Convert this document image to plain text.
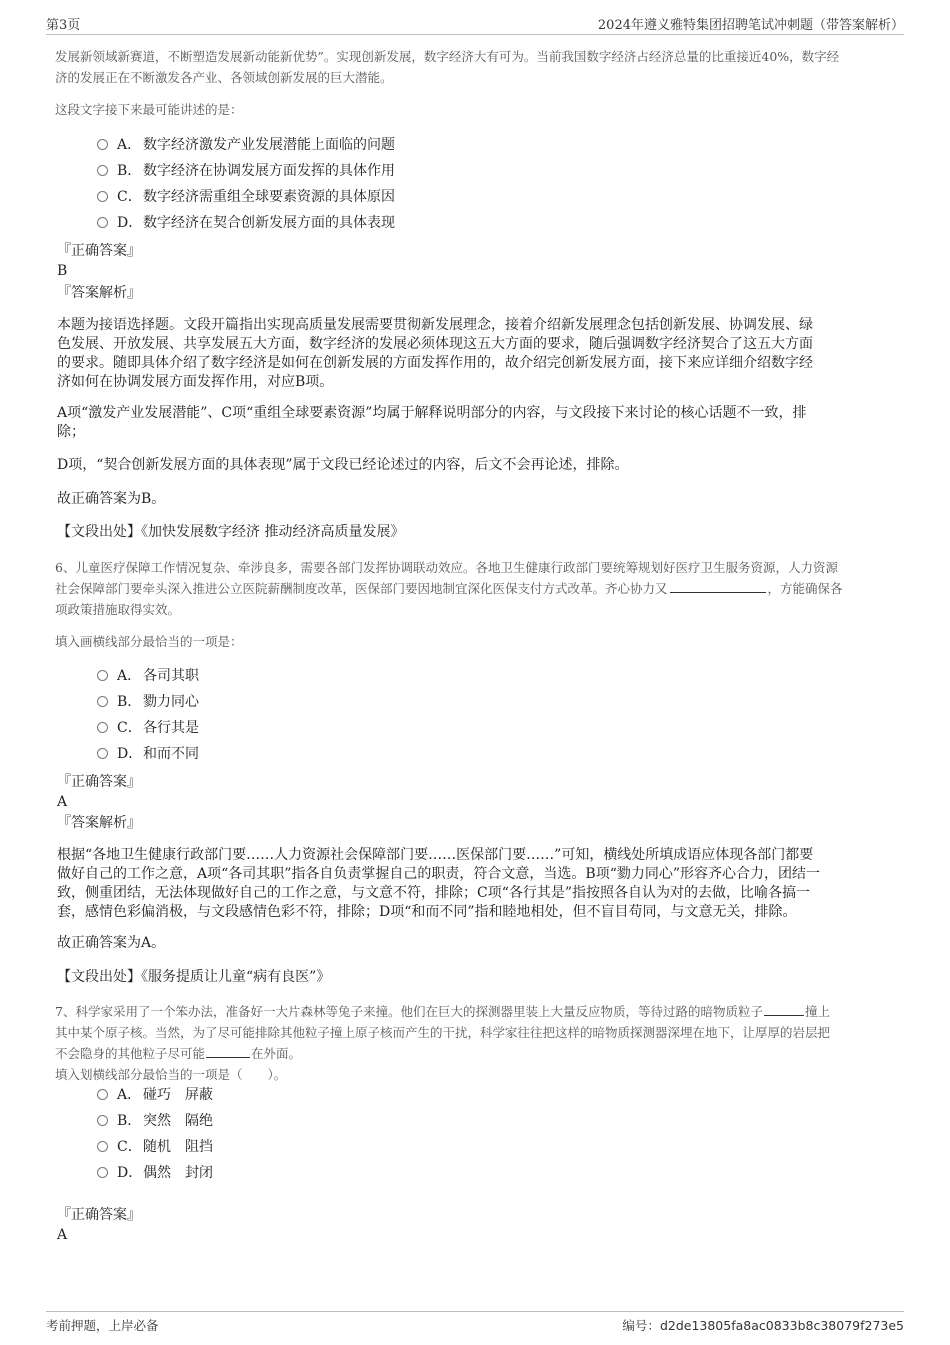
第3页	2024年遵义雅特集团招聘笔试冲刺题（带答案解析）
发展新领域新赛道，不断塑造发展新动能新优势”。实现创新发展，数字经济大有可为。当前我国数字经济占经济总量的比重接近40%，数字经
济的发展正在不断激发各产业、各领域创新发展的巨大潜能。
这段文字接下来最可能讲述的是：
A． 数字经济激发产业发展潜能上面临的问题
B． 数字经济在协调发展方面发挥的具体作用
C．数字经济需重组全球要素资源的具体原因
D．数字经济在契合创新发展方面的具体表现
『正确答案』
B
『答案解析』
本题为接语选择题。文段开篇指出实现高质量发展需要贯彻新发展理念，接着介绍新发展理念包括创新发展、协调发展、绿
色发展、开放发展、共享发展五大方面，数字经济的发展必须体现这五大方面的要求，随后强调数字经济契合了这五大方面
的要求。随即具体介绍了数字经济是如何在创新发展的方面发挥作用的，故介绍完创新发展方面，接下来应详细介绍数字经
济如何在协调发展方面发挥作用，对应B项。
A项“激发产业发展潜能”、C项“重组全球要素资源”均属于解释说明部分的内容，与文段接下来讨论的核心话题不一致，排
除；
D项，“契合创新发展方面的具体表现”属于文段已经论述过的内容，后文不会再论述，排除。
故正确答案为B。
【文段出处】《加快发展数字经济 推动经济高质量发展》
6、儿童医疗保障工作情况复杂、牵涉良多，需要各部门发挥协调联动效应。各地卫生健康行政部门要统筹规划好医疗卫生服务资源，人力资源
社会保障部门要牵头深入推进公立医院薪酬制度改革，医保部门要因地制宜深化医保支付方式改革。齐心协力又	，方能确保各
项政策措施取得实效。
填入画横线部分最恰当的一项是：
A． 各司其职
B． 勠力同心
C．各行其是
D．和而不同
『正确答案』
A
『答案解析』
根据“各地卫生健康行政部门要……人力资源社会保障部门要……医保部门要……”可知，横线处所填成语应体现各部门都要
做好自己的工作之意，A项“各司其职”指各自负责掌握自己的职责，符合文意，当选。B项“勠力同心”形容齐心合力，团结一
致，侧重团结，无法体现做好自己的工作之意，与文意不符，排除；C项“各行其是”指按照各自认为对的去做，比喻各搞一
套，感情色彩偏消极，与文段感情色彩不符，排除；D项“和而不同”指和睦地相处，但不盲目苟同，与文意无关，排除。
故正确答案为A。
【文段出处】《服务提质让儿童“病有良医”》
7、科学家采用了一个笨办法，准备好一大片森林等兔子来撞。他们在巨大的探测器里装上大量反应物质，等待过路的暗物质粒子	撞上
其中某个原子核。当然，为了尽可能排除其他粒子撞上原子核而产生的干扰，科学家往往把这样的暗物质探测器深埋在地下，让厚厚的岩层把
不会隐身的其他粒子尽可能	在外面。
填入划横线部分最恰当的一项是（　　）。
A． 碰巧 屏蔽
B． 突然 隔绝
C．随机 阻挡
D．偶然 封闭
『正确答案』
A
考前押题，上岸必备	编号：d2de13805fa8ac0833b8c38079f273e5
